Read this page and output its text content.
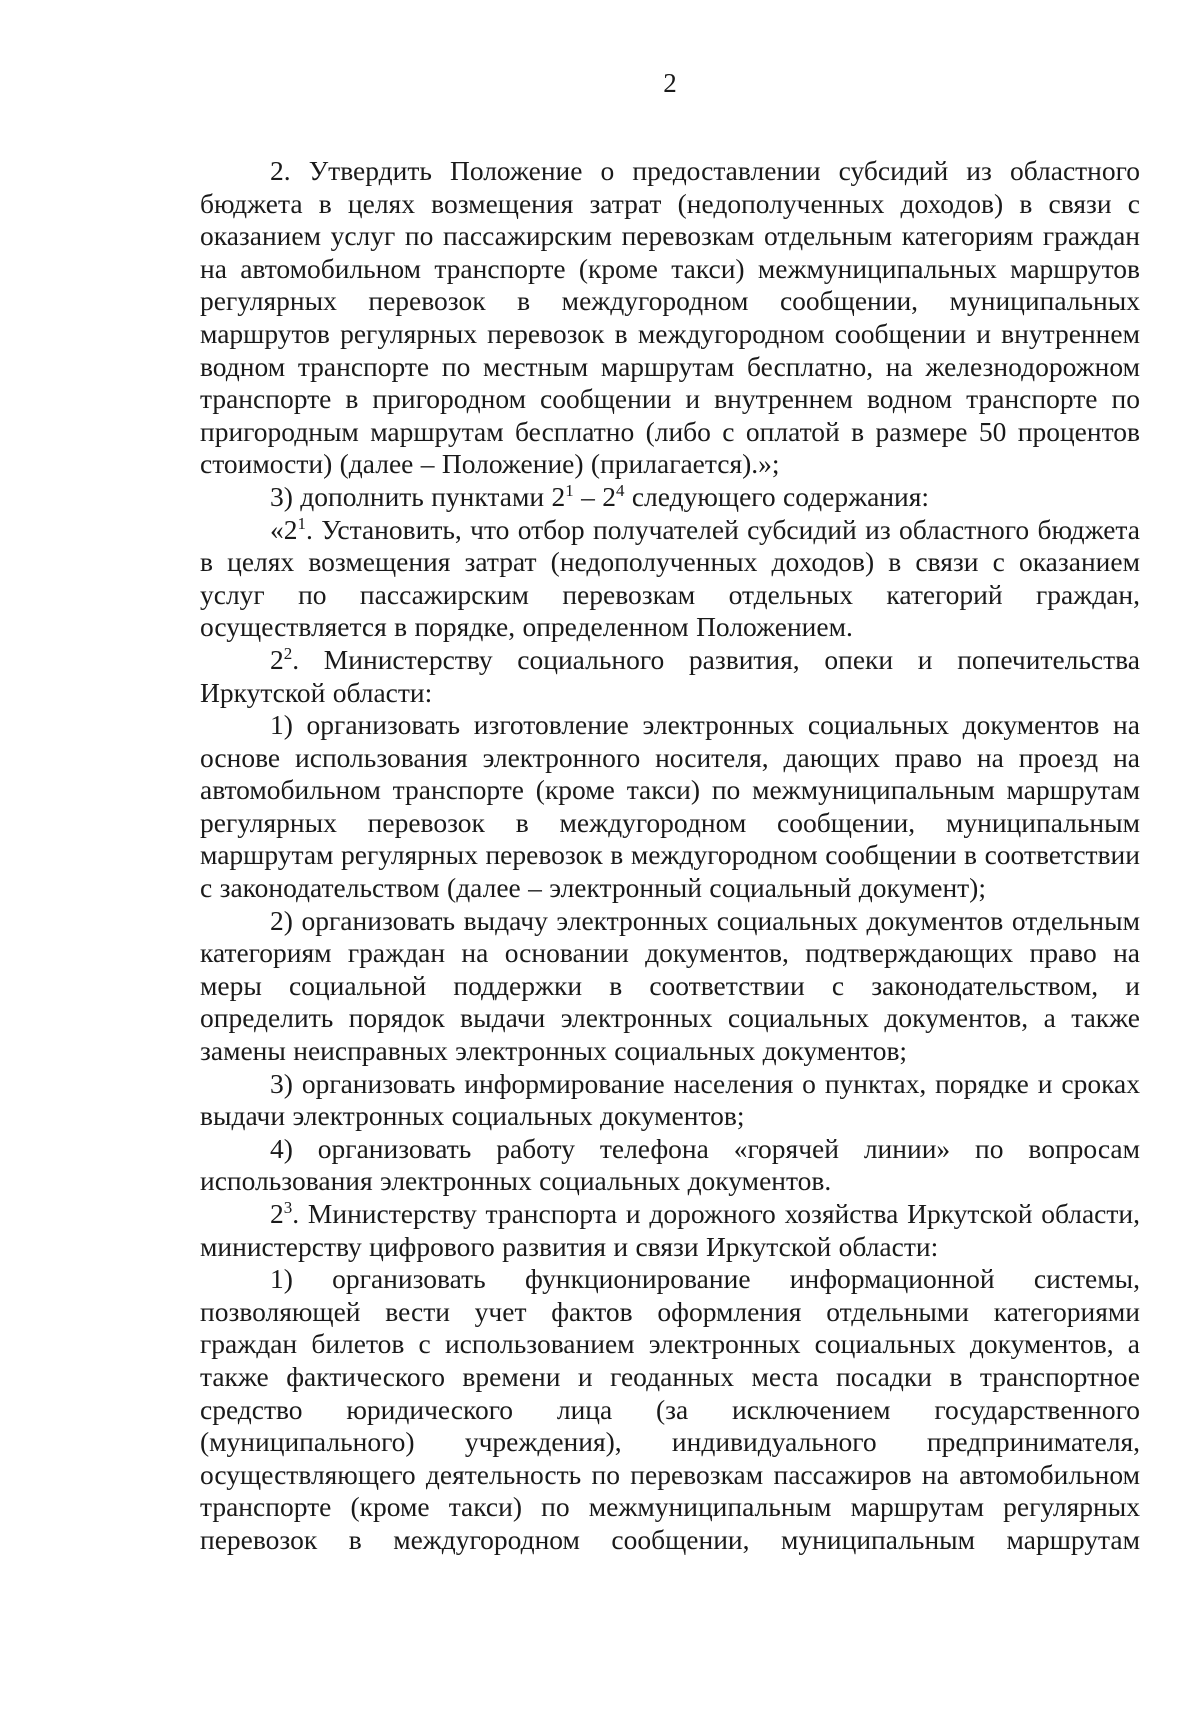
2

2. Утвердить Положение о предоставлении субсидий из областного бюджета в целях возмещения затрат (недополученных доходов) в связи с оказанием услуг по пассажирским перевозкам отдельным категориям граждан на автомобильном транспорте (кроме такси) межмуниципальных маршрутов регулярных перевозок в междугородном сообщении, муниципальных маршрутов регулярных перевозок в междугородном сообщении и внутреннем водном транспорте по местным маршрутам бесплатно, на железнодорожном транспорте в пригородном сообщении и внутреннем водном транспорте по пригородным маршрутам бесплатно (либо с оплатой в размере 50 процентов стоимости) (далее – Положение) (прилагается).»;

3) дополнить пунктами $2^1 - 2^4$ следующего содержания:

«$2^1$. Установить, что отбор получателей субсидий из областного бюджета в целях возмещения затрат (недополученных доходов) в связи с оказанием услуг по пассажирским перевозкам отдельных категорий граждан, осуществляется в порядке, определенном Положением.

$2^2$. Министерству социального развития, опеки и попечительства Иркутской области:

1) организовать изготовление электронных социальных документов на основе использования электронного носителя, дающих право на проезд на автомобильном транспорте (кроме такси) по межмуниципальным маршрутам регулярных перевозок в междугородном сообщении, муниципальным маршрутам регулярных перевозок в междугородном сообщении в соответствии с законодательством (далее – электронный социальный документ);

2) организовать выдачу электронных социальных документов отдельным категориям граждан на основании документов, подтверждающих право на меры социальной поддержки в соответствии с законодательством, и определить порядок выдачи электронных социальных документов, а также замены неисправных электронных социальных документов;

3) организовать информирование населения о пунктах, порядке и сроках выдачи электронных социальных документов;

4) организовать работу телефона «горячей линии» по вопросам использования электронных социальных документов.

$2^3$. Министерству транспорта и дорожного хозяйства Иркутской области, министерству цифрового развития и связи Иркутской области:

1) организовать функционирование информационной системы, позволяющей вести учет фактов оформления отдельными категориями граждан билетов с использованием электронных социальных документов, а также фактического времени и геоданных места посадки в транспортное средство юридического лица (за исключением государственного (муниципального) учреждения), индивидуального предпринимателя, осуществляющего деятельность по перевозкам пассажиров на автомобильном транспорте (кроме такси) по межмуниципальным маршрутам регулярных перевозок в междугородном сообщении, муниципальным маршрутам
